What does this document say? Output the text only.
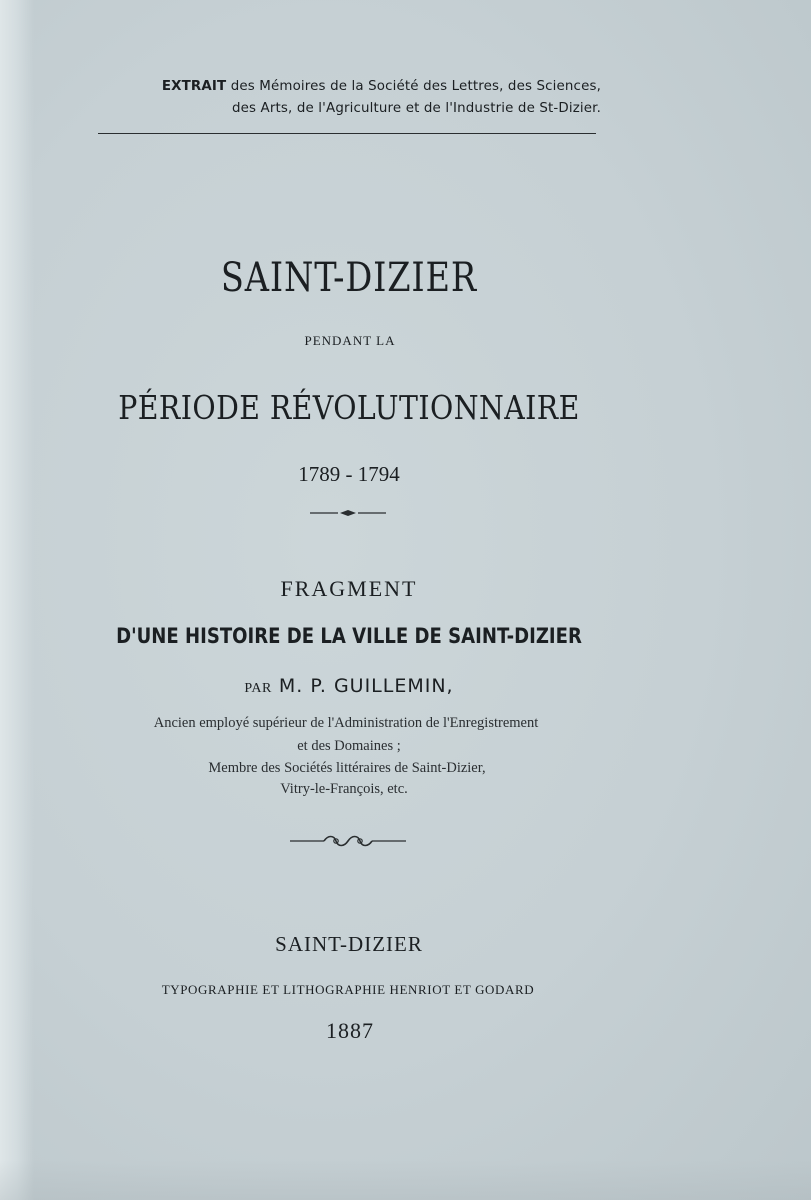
EXTRAIT des Mémoires de la Société des Lettres, des Sciences,
des Arts, de l'Agriculture et de l'Industrie de St-Dizier.
SAINT-DIZIER
PENDANT LA
PÉRIODE RÉVOLUTIONNAIRE
1789 - 1794
FRAGMENT
D'UNE HISTOIRE DE LA VILLE DE SAINT-DIZIER
PAR M. P. GUILLEMIN,
Ancien employé supérieur de l'Administration de l'Enregistrement
et des Domaines ;
Membre des Sociétés littéraires de Saint-Dizier,
Vitry-le-François, etc.
SAINT-DIZIER
TYPOGRAPHIE ET LITHOGRAPHIE HENRIOT ET GODARD
1887
